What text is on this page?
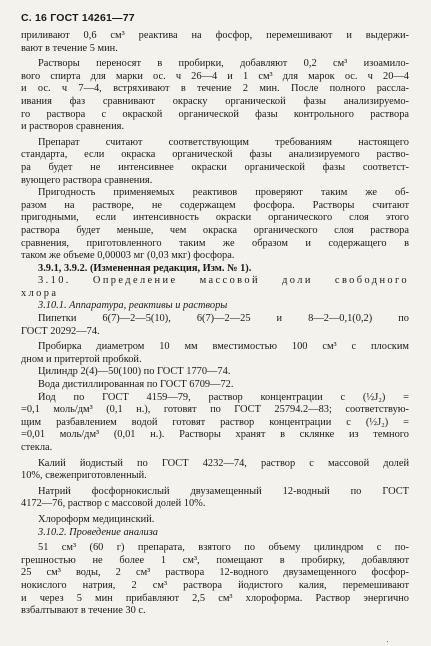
С. 16 ГОСТ 14261—77
приливают 0,6 см³ реактива на фосфор, перемешивают и выдержи-
вают в течение 5 мин.
Растворы переносят в пробирки, добавляют 0,2 см³ изоамило-
вого спирта для марки ос. ч 26—4 и 1 см³ для марок ос. ч 20—4
и ос. ч 7—4, встряхивают в течение 2 мин. После полного рассла-
ивания фаз сравнивают окраску органической фазы анализируемо-
го раствора с окраской органической фазы контрольного раствора
и растворов сравнения.
Препарат считают соответствующим требованиям настоящего
стандарта, если окраска органической фазы анализируемого раство-
ра будет не интенсивнее окраски органической фазы соответст-
вующего раствора сравнения.
Пригодность применяемых реактивов проверяют таким же об-
разом на растворе, не содержащем фосфора. Растворы считают
пригодными, если интенсивность окраски органического слоя этого
раствора будет меньше, чем окраска органического слоя раствора
сравнения, приготовленного таким же образом и содержащего в
таком же объеме 0,00003 мг (0,03 мкг) фосфора.
3.9.1, 3.9.2. (Измененная редакция, Изм. № 1).
3.10. Определение массовой доли свободного
хлора
3.10.1. Аппаратура, реактивы и растворы
Пипетки 6(7)—2—5(10), 6(7)—2—25 и 8—2—0,1(0,2) по
ГОСТ 20292—74.
Пробирка диаметром 10 мм вместимостью 100 см³ с плоским
дном и притертой пробкой.
Цилиндр 2(4)—50(100) по ГОСТ 1770—74.
Вода дистиллированная по ГОСТ 6709—72.
Йод по ГОСТ 4159—79, раствор концентрации с (½J₂) =
=0,1 моль/дм³ (0,1 н.), готовят по ГОСТ 25794.2—83; соответствую-
щим разбавлением водой готовят раствор концентрации с (½J₂) =
=0,01 моль/дм³ (0,01 н.). Растворы хранят в склянке из темного
стекла.
Калий йодистый по ГОСТ 4232—74, раствор с массовой долей
10%, свежеприготовленный.
Натрий фосфорнокислый двузамещенный 12-водный по ГОСТ
4172—76, раствор с массовой долей 10%.
Хлороформ медицинский.
3.10.2. Проведение анализа
51 см³ (60 г) препарата, взятого по объему цилиндром с по-
грешностью не более 1 см³, помещают в пробирку, добавляют
25 см³ воды, 2 см³ раствора 12-водного двузамещенного фосфор-
нокислого натрия, 2 см³ раствора йодистого калия, перемешивают
и через 5 мин прибавляют 2,5 см³ хлороформа. Раствор энергично
взбалтывают в течение 30 с.
·
